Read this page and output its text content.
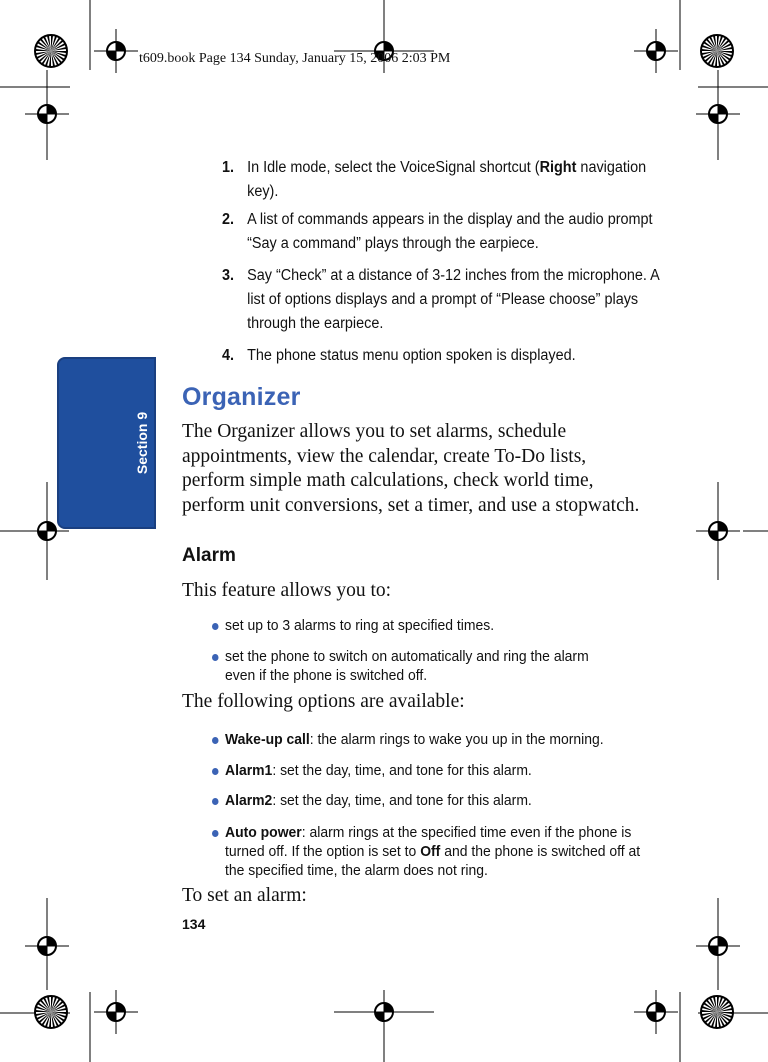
t609.book Page 134 Sunday, January 15, 2006 2:03 PM
Section 9
1. In Idle mode, select the VoiceSignal shortcut (Right navigation key).
2. A list of commands appears in the display and the audio prompt “Say a command” plays through the earpiece.
3. Say “Check” at a distance of 3-12 inches from the microphone. A list of options displays and a prompt of “Please choose” plays through the earpiece.
4. The phone status menu option spoken is displayed.
Organizer
The Organizer allows you to set alarms, schedule appointments, view the calendar, create To-Do lists, perform simple math calculations, check world time, perform unit conversions, set a timer, and use a stopwatch.
Alarm
This feature allows you to:
set up to 3 alarms to ring at specified times.
set the phone to switch on automatically and ring the alarm even if the phone is switched off.
The following options are available:
Wake-up call: the alarm rings to wake you up in the morning.
Alarm1: set the day, time, and tone for this alarm.
Alarm2: set the day, time, and tone for this alarm.
Auto power: alarm rings at the specified time even if the phone is turned off. If the option is set to Off and the phone is switched off at the specified time, the alarm does not ring.
To set an alarm:
134
